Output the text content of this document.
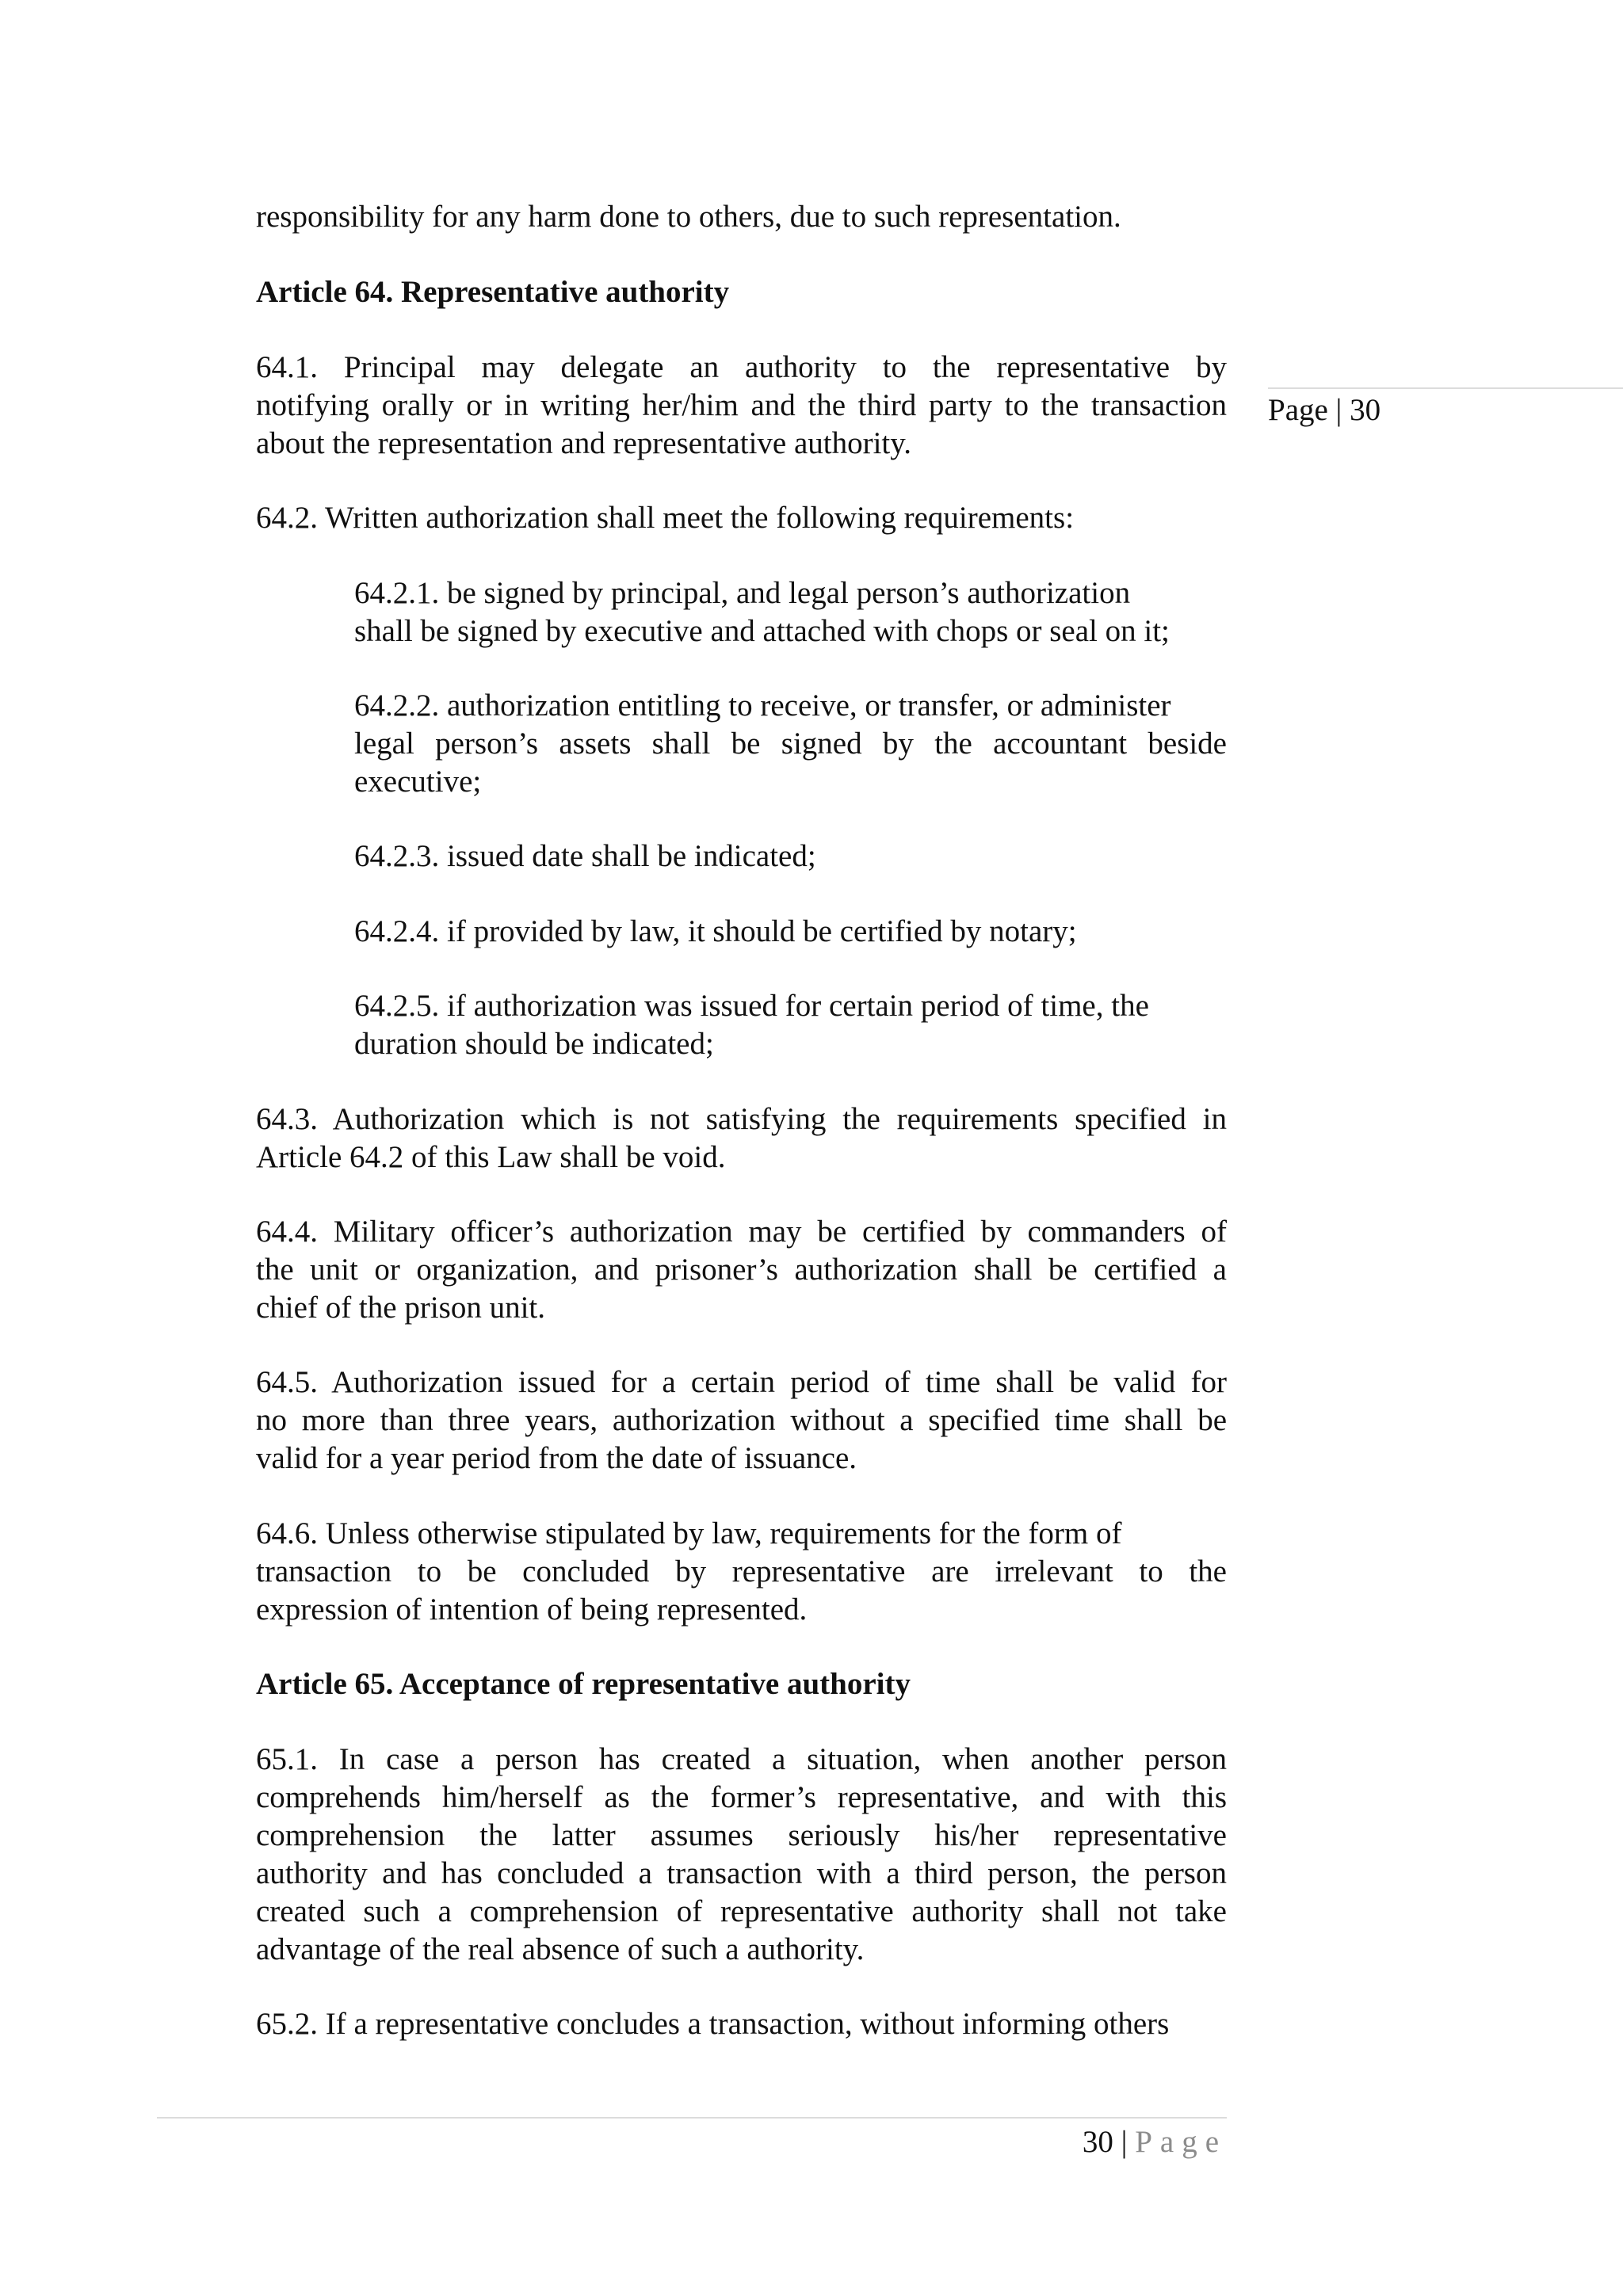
responsibility for any harm done to others, due to such representation.
Article 64. Representative authority
64.1. Principal may delegate an authority to the representative by
notifying orally or in writing her/him and the third party to the transaction
about the representation and representative authority.
64.2. Written authorization shall meet the following requirements:
64.2.1. be signed by principal, and legal person’s authorization
shall be signed by executive and attached with chops or seal on it;
64.2.2. authorization entitling to receive, or transfer, or administer
legal person’s assets shall be signed by the accountant beside
executive;
64.2.3. issued date shall be indicated;
64.2.4. if provided by law, it should be certified by notary;
64.2.5. if authorization was issued for certain period of time, the
duration should be indicated;
64.3. Authorization which is not satisfying the requirements specified in
Article 64.2 of this Law shall be void.
64.4. Military officer’s authorization may be certified by commanders of
the unit or organization, and prisoner’s authorization shall be certified a
chief of the prison unit.
64.5. Authorization issued for a certain period of time shall be valid for
no more than three years, authorization without a specified time shall be
valid for a year period from the date of issuance.
64.6. Unless otherwise stipulated by law, requirements for the form of
transaction to be concluded by representative are irrelevant to the
expression of intention of being represented.
Article 65. Acceptance of representative authority
65.1. In case a person has created a situation, when another person
comprehends him/herself as the former’s representative, and with this
comprehension the latter assumes seriously his/her representative
authority and has concluded a transaction with a third person, the person
created such a comprehension of representative authority shall not take
advantage of the real absence of such a authority.
65.2. If a representative concludes a transaction, without informing others
Page | 30
30 | Page
